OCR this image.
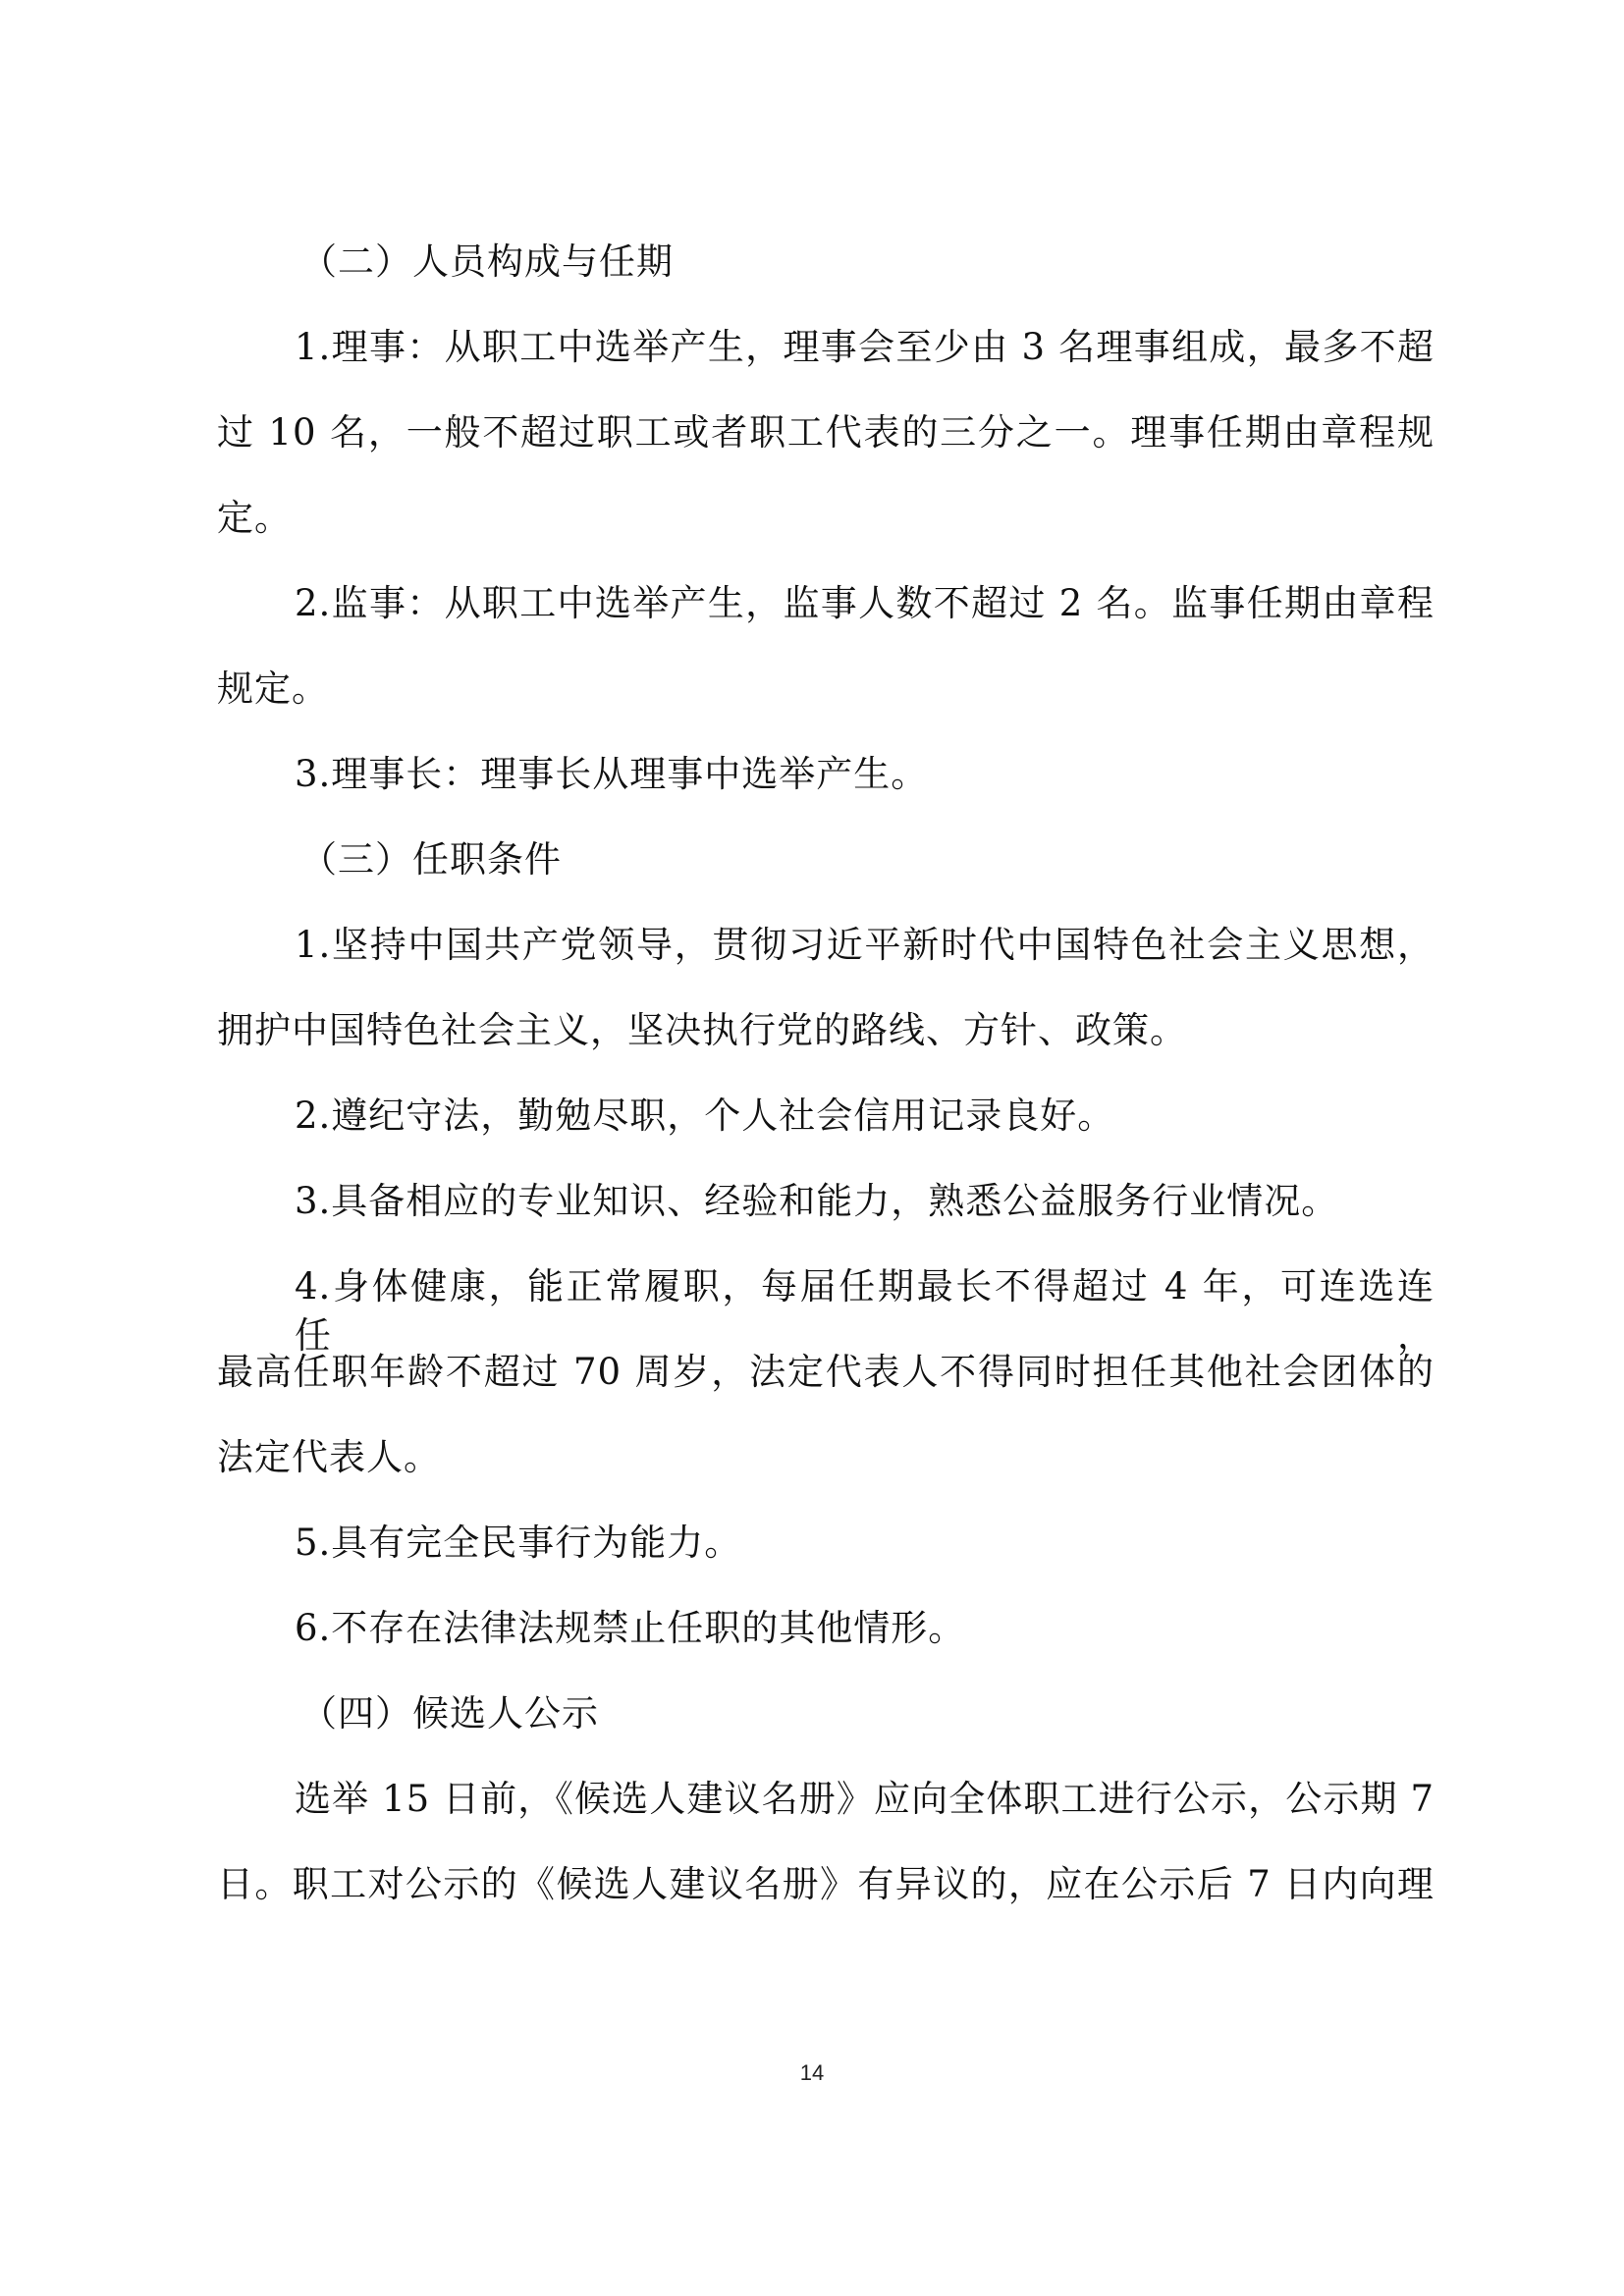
（二）人员构成与任期
1.理事：从职工中选举产生，理事会至少由 3 名理事组成，最多不超
过 10 名，一般不超过职工或者职工代表的三分之一。理事任期由章程规
定。
2.监事：从职工中选举产生，监事人数不超过 2 名。监事任期由章程
规定。
3.理事长：理事长从理事中选举产生。
（三）任职条件
1.坚持中国共产党领导，贯彻习近平新时代中国特色社会主义思想，
拥护中国特色社会主义，坚决执行党的路线、方针、政策。
2.遵纪守法，勤勉尽职，个人社会信用记录良好。
3.具备相应的专业知识、经验和能力，熟悉公益服务行业情况。
4.身体健康，能正常履职，每届任期最长不得超过 4 年，可连选连任，
最高任职年龄不超过 70 周岁，法定代表人不得同时担任其他社会团体的
法定代表人。
5.具有完全民事行为能力。
6.不存在法律法规禁止任职的其他情形。
（四）候选人公示
选举 15 日前，《候选人建议名册》应向全体职工进行公示，公示期 7
日。职工对公示的《候选人建议名册》有异议的，应在公示后 7 日内向理
14
